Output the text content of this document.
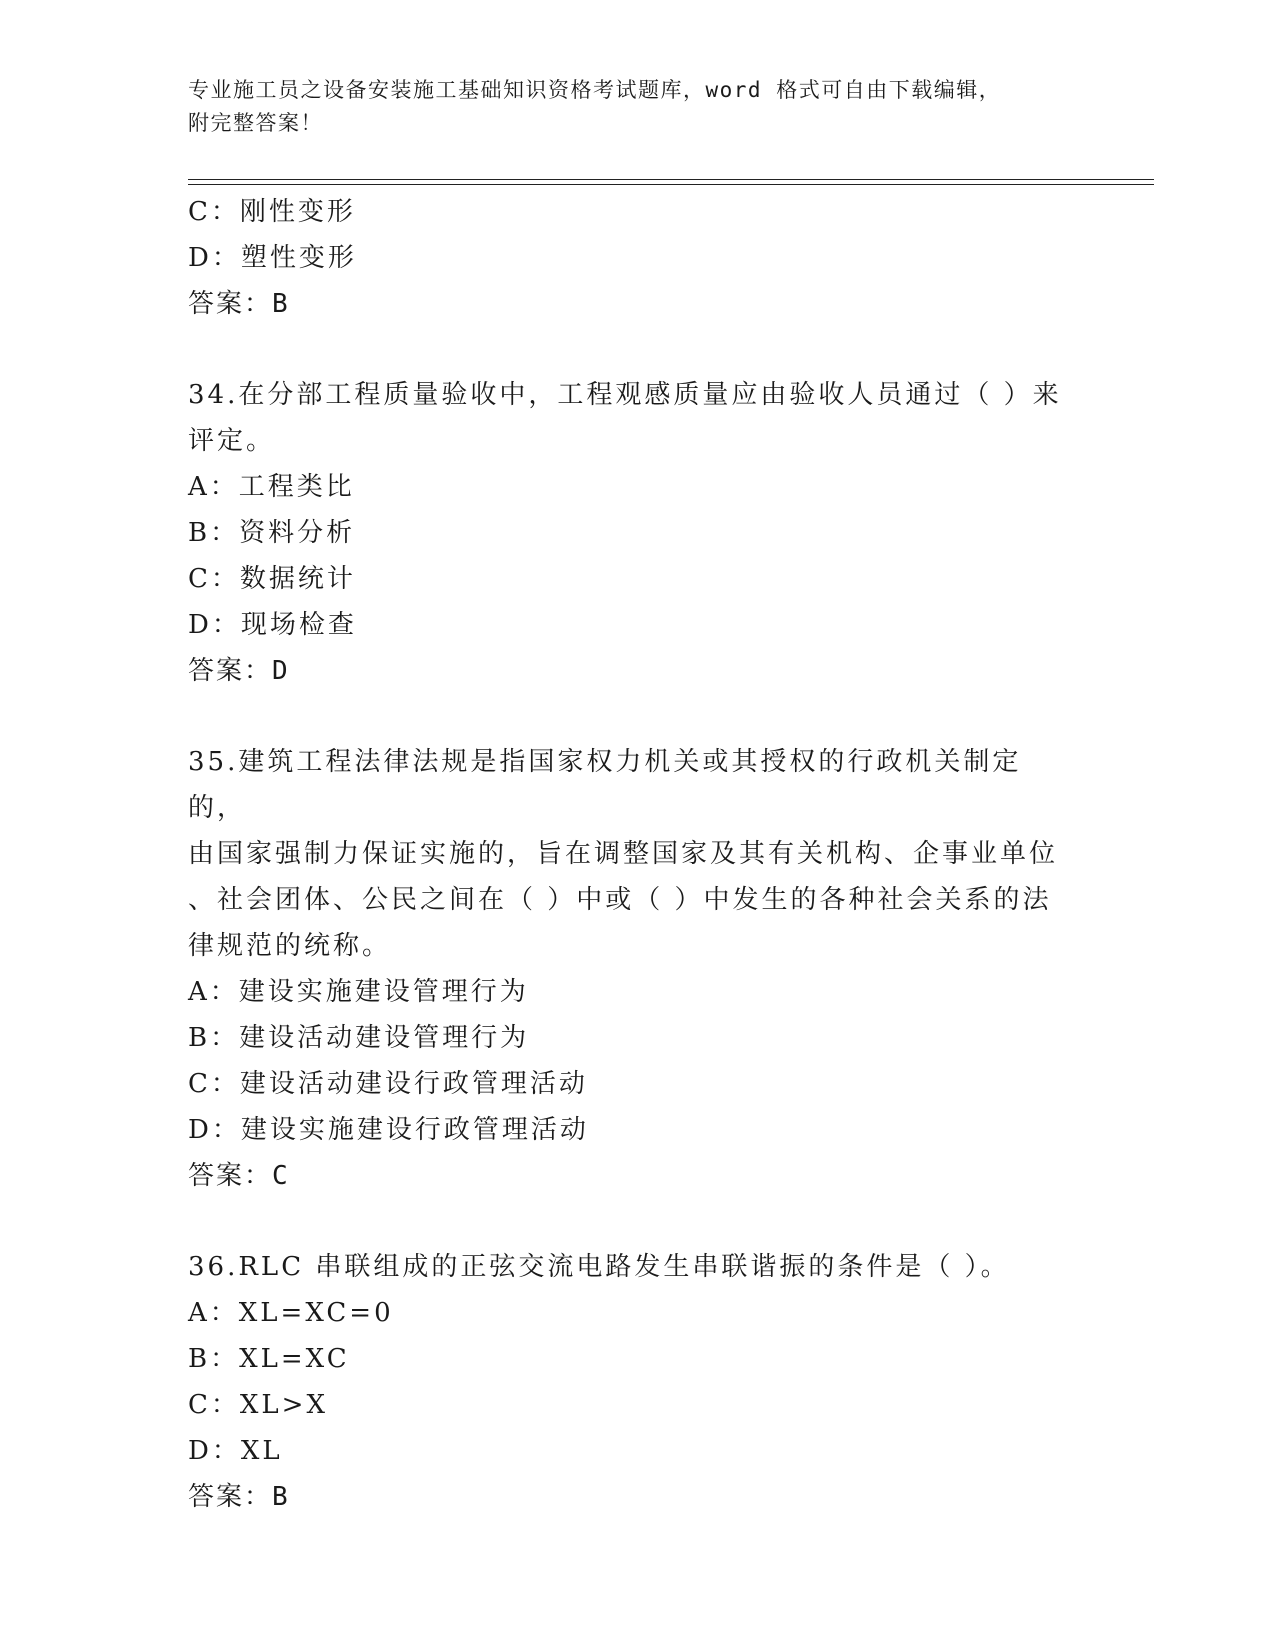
专业施工员之设备安装施工基础知识资格考试题库，word 格式可自由下载编辑，
附完整答案！
C：刚性变形
D：塑性变形
答案：B
34.在分部工程质量验收中，工程观感质量应由验收人员通过（ ）来
评定。
A：工程类比
B：资料分析
C：数据统计
D：现场检查
答案：D
35.建筑工程法律法规是指国家权力机关或其授权的行政机关制定的，
由国家强制力保证实施的，旨在调整国家及其有关机构、企事业单位
、社会团体、公民之间在（ ）中或（ ）中发生的各种社会关系的法
律规范的统称。
A：建设实施建设管理行为
B：建设活动建设管理行为
C：建设活动建设行政管理活动
D：建设实施建设行政管理活动
答案：C
36.RLC 串联组成的正弦交流电路发生串联谐振的条件是（ ）。
A：XL=XC=0
B：XL=XC
C：XL>X
D：XL
答案：B
